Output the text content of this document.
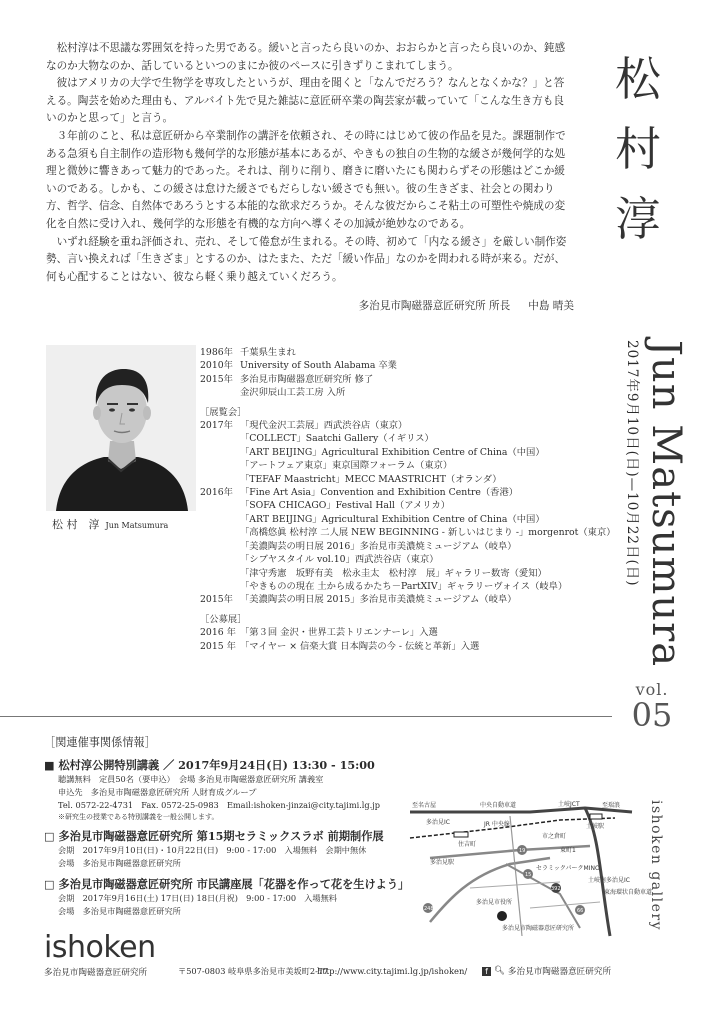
松村淳は不思議な雰囲気を持った男である。緩いと言ったら良いのか、おおらかと言ったら良いのか、鈍感なのか大物なのか、話しているといつのまにか彼のペースに引きずりこまれてしまう。

彼はアメリカの大学で生物学を専攻したというが、理由を聞くと「なんでだろう？なんとなくかな？」と答える。陶芸を始めた理由も、アルバイト先で見た雑誌に意匠研卒業の陶芸家が載っていて「こんな生き方も良いのかと思って」と言う。

３年前のこと、私は意匠研から卒業制作の講評を依頼され、その時にはじめて彼の作品を見た。課題制作である急須も自主制作の造形物も幾何学的な形態が基本にあるが、やきもの独自の生物的な緩さが幾何学的な処理と微妙に響きあって魅力的であった。それは、削りに削り、磨きに磨いたにも関わらずその形態はどこか緩いのである。しかも、この緩さは怠けた緩さでもだらしない緩さでも無い。彼の生きざま、社会との関わり方、哲学、信念、自然体であろうとする本能的な欲求だろうか。そんな彼だからこそ粘土の可塑性や焼成の変化を自然に受け入れ、幾何学的な形態を有機的な方向へ導くその加減が絶妙なのである。

いずれ経験を重ね評価され、売れ、そして倦怠が生まれる。その時、初めて「内なる緩さ」を厳しい制作姿勢、言い換えれば「生きざま」とするのか、はたまた、ただ「緩い作品」なのかを問われる時が来る。だが、何も心配することはない、彼なら軽く乗り越えていくだろう。

多治見市陶磁器意匠研究所 所長 中島 晴美
松
村
淳
Jun Matsumura
2017年9月10日(日)—10月22日(日)
vol.
05
ishoken gallery
松 村　淳 Jun Matsumura
1986年 千葉県生まれ
2010年 University of South Alabama 卒業
2015年 多治見市陶磁器意匠研究所 修了
金沢卯辰山工芸工房 入所
［展覧会］
2017年 「現代金沢工芸展」西武渋谷店（東京）
「COLLECT」Saatchi Gallery（イギリス）
「ART BEIJING」Agricultural Exhibition Centre of China（中国）
「アートフェア東京」東京国際フォーラム（東京）
「TEFAF Maastricht」MECC MAASTRICHT（オランダ）
2016年 「Fine Art Asia」Convention and Exhibition Centre（香港）
「SOFA CHICAGO」Festival Hall（アメリカ）
「ART BEIJING」Agricultural Exhibition Centre of China（中国）
「高橋悠眞 松村淳 二人展 NEW BEGINNING - 新しいはじまり -」morgenrot（東京）
「美濃陶芸の明日展 2016」多治見市美濃焼ミュージアム（岐阜）
「シブヤスタイル vol.10」西武渋谷店（東京）
「津守秀憲　坂野有美　松永圭太　松村淳　展」ギャラリー数寄（愛知）
「やきものの現在 土から成るかたち－PartXIV」ギャラリーヴォイス（岐阜）
2015年 「美濃陶芸の明日展 2015」多治見市美濃焼ミュージアム（岐阜）
［公募展］
2016 年 「第３回 金沢・世界工芸トリエンナーレ」入選
2015 年 「マイヤー × 信楽大賞 日本陶芸の今 - 伝統と革新」入選
［関連催事関係情報］
■ 松村淳公開特別講義 ／ 2017年9月24日(日) 13:30 - 15:00
聴講無料　定員50名（要申込）　会場 多治見市陶磁器意匠研究所 講義室
申込先　多治見市陶磁器意匠研究所 人財育成グループ
Tel. 0572-22-4731　Fax. 0572-25-0983　Email:ishoken-jinzai@city.tajimi.lg.jp
※研究生の授業である特別講義を一般公開します。
□ 多治見市陶磁器意匠研究所 第15期セラミックスラボ 前期制作展
会期　2017年9月10日(日)・10月22日(日)　9:00 - 17:00　入場無料　会期中無休
会場　多治見市陶磁器意匠研究所
□ 多治見市陶磁器意匠研究所 市民講座展「花器を作って花を生けよう」
会期　2017年9月16日(土) 17日(日) 18日(月祝)　9:00 - 17:00　入場無料
会場　多治見市陶磁器意匠研究所
至名古屋	中央自動車道	土岐JCT	至瑞浪
多治見IC	JR 中央線
住吉町
多治見駅
市之倉町
東町1
セラミックパークMINO
土岐南多治見IC
東海環状自動車道
土岐駅
多治見市役所
多治見市陶磁器意匠研究所
248
19
15
66
392
ishoken
多治見市陶磁器意匠研究所	〒507-0803 岐阜県多治見市美坂町2-77
http://www.city.tajimi.lg.jp/ishoken/	f 🔍︎ 多治見市陶磁器意匠研究所
